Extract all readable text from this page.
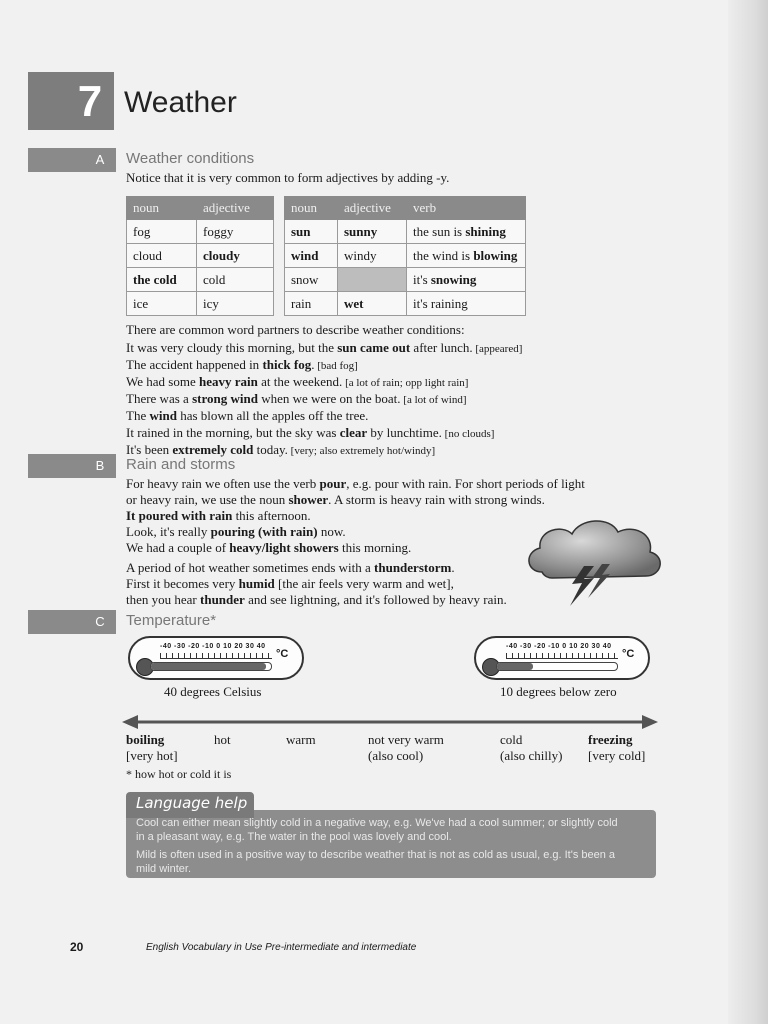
7 Weather
A	Weather conditions
Notice that it is very common to form adjectives by adding -y.
noun	adjective
fog	foggy
cloud	cloudy
the cold	cold
ice	icy
noun	adjective	verb
sun	sunny	the sun is shining
wind	windy	the wind is blowing
snow		it's snowing
rain	wet	it's raining
There are common word partners to describe weather conditions:
It was very cloudy this morning, but the sun came out after lunch. [appeared]
The accident happened in thick fog. [bad fog]
We had some heavy rain at the weekend. [a lot of rain; opp light rain]
There was a strong wind when we were on the boat. [a lot of wind]
The wind has blown all the apples off the tree.
It rained in the morning, but the sky was clear by lunchtime. [no clouds]
It's been extremely cold today. [very; also extremely hot/windy]
B	Rain and storms
For heavy rain we often use the verb pour, e.g. pour with rain. For short periods of light
or heavy rain, we use the noun shower. A storm is heavy rain with strong winds.
It poured with rain this afternoon.
Look, it's really pouring (with rain) now.
We had a couple of heavy/light showers this morning.
A period of hot weather sometimes ends with a thunderstorm.
First it becomes very humid [the air feels very warm and wet],
then you hear thunder and see lightning, and it's followed by heavy rain.
C	Temperature*
-40 -30 -20 -10 0 10 20 30 40
°C
40 degrees Celsius
-40 -30 -20 -10 0 10 20 30 40
°C
10 degrees below zero
boiling
[very hot]
hot	warm	not very warm
(also cool)
cold
(also chilly)
freezing
[very cold]
* how hot or cold it is
Language help
Cool can either mean slightly cold in a negative way, e.g. We've had a cool summer; or slightly cold
in a pleasant way, e.g. The water in the pool was lovely and cool.
Mild is often used in a positive way to describe weather that is not as cold as usual, e.g. It's been a
mild winter.
20	English Vocabulary in Use Pre-intermediate and intermediate
